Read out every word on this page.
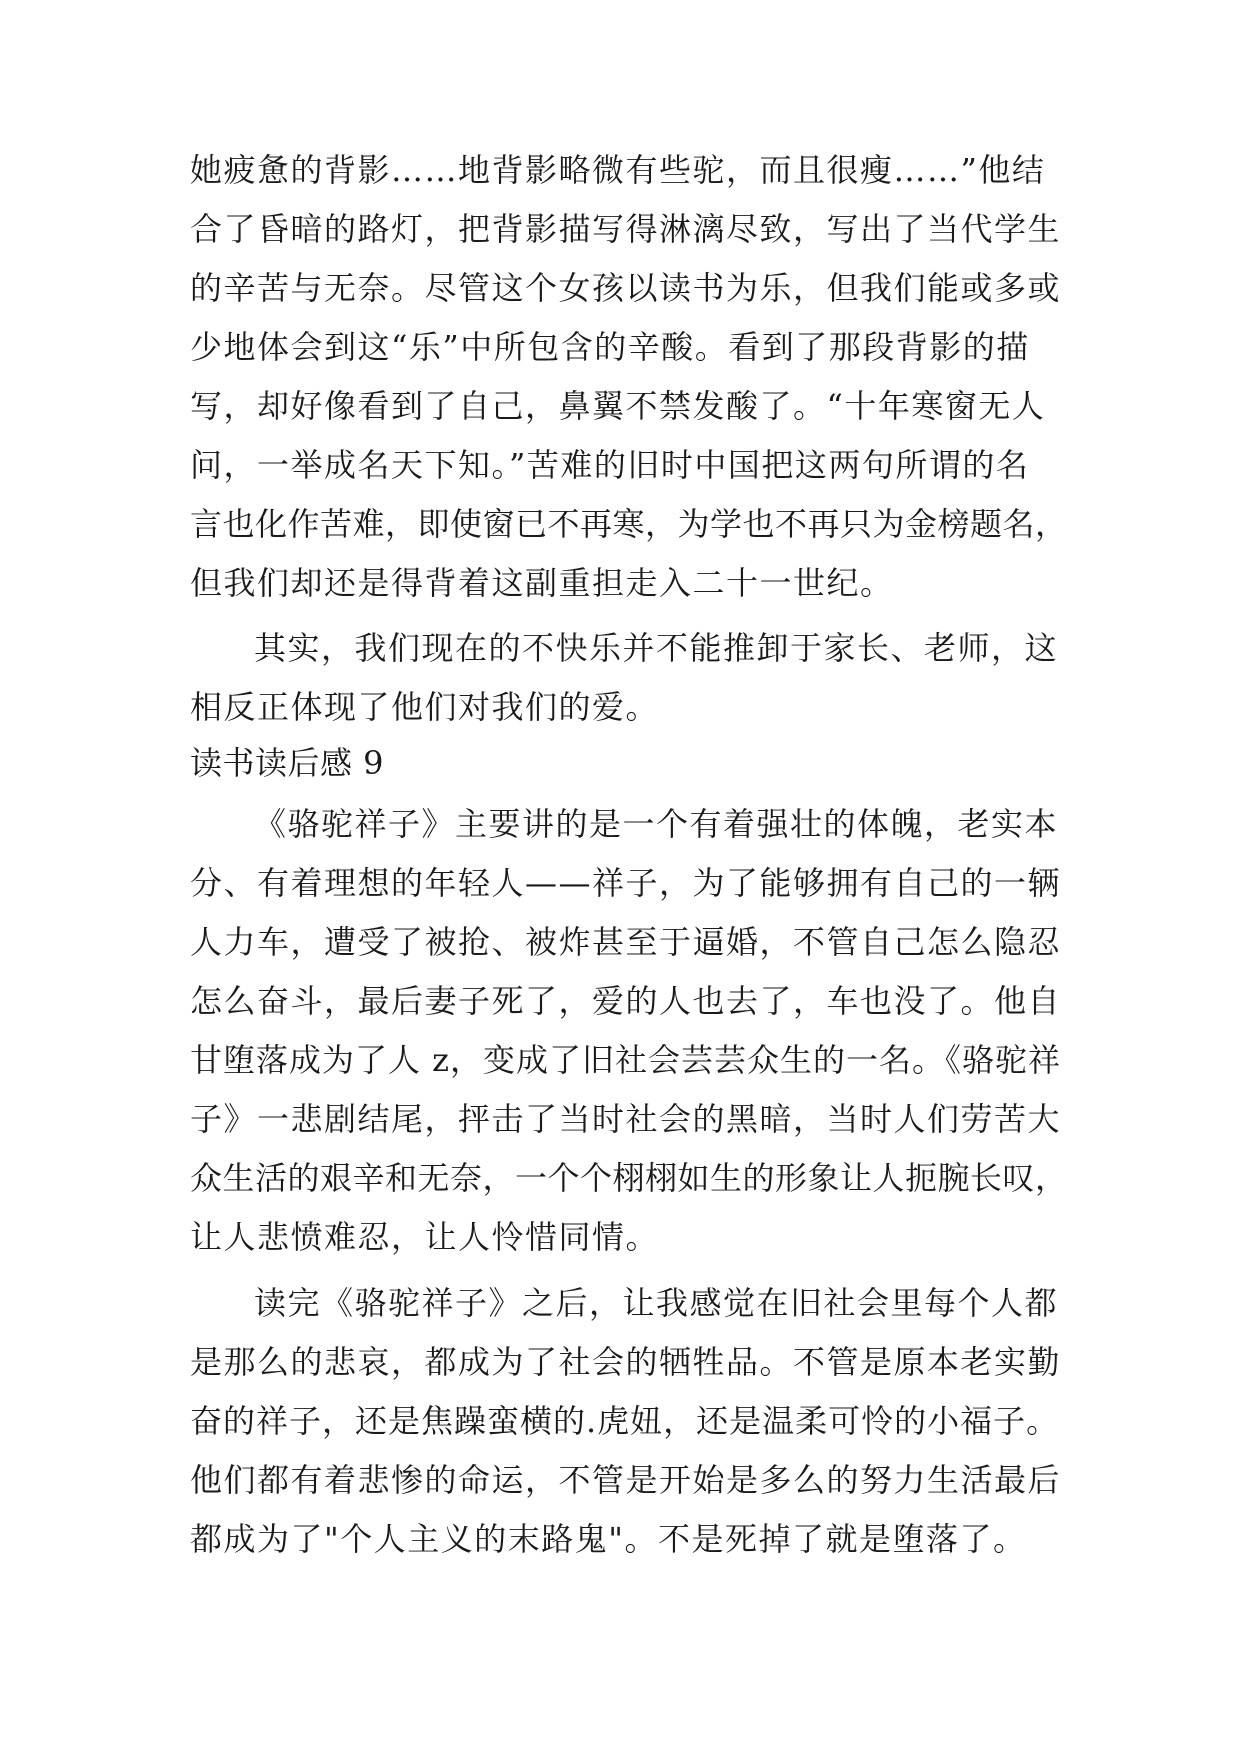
她疲惫的背影……地背影略微有些驼，而且很瘦……”他结
合了昏暗的路灯，把背影描写得淋漓尽致，写出了当代学生
的辛苦与无奈。尽管这个女孩以读书为乐，但我们能或多或
少地体会到这“乐”中所包含的辛酸。看到了那段背影的描
写，却好像看到了自己，鼻翼不禁发酸了。“十年寒窗无人
问，一举成名天下知。”苦难的旧时中国把这两句所谓的名
言也化作苦难，即使窗已不再寒，为学也不再只为金榜题名，
但我们却还是得背着这副重担走入二十一世纪。
其实，我们现在的不快乐并不能推卸于家长、老师，这
相反正体现了他们对我们的爱。
读书读后感 9
《骆驼祥子》主要讲的是一个有着强壮的体魄，老实本
分、有着理想的年轻人——祥子，为了能够拥有自己的一辆
人力车，遭受了被抢、被炸甚至于逼婚，不管自己怎么隐忍
怎么奋斗，最后妻子死了，爱的人也去了，车也没了。他自
甘堕落成为了人 z，变成了旧社会芸芸众生的一名。《骆驼祥
子》一悲剧结尾，抨击了当时社会的黑暗，当时人们劳苦大
众生活的艰辛和无奈，一个个栩栩如生的形象让人扼腕长叹，
让人悲愤难忍，让人怜惜同情。
读完《骆驼祥子》之后，让我感觉在旧社会里每个人都
是那么的悲哀，都成为了社会的牺牲品。不管是原本老实勤
奋的祥子，还是焦躁蛮横的.虎妞，还是温柔可怜的小福子。
他们都有着悲惨的命运，不管是开始是多么的努力生活最后
都成为了"个人主义的末路鬼"。不是死掉了就是堕落了。
